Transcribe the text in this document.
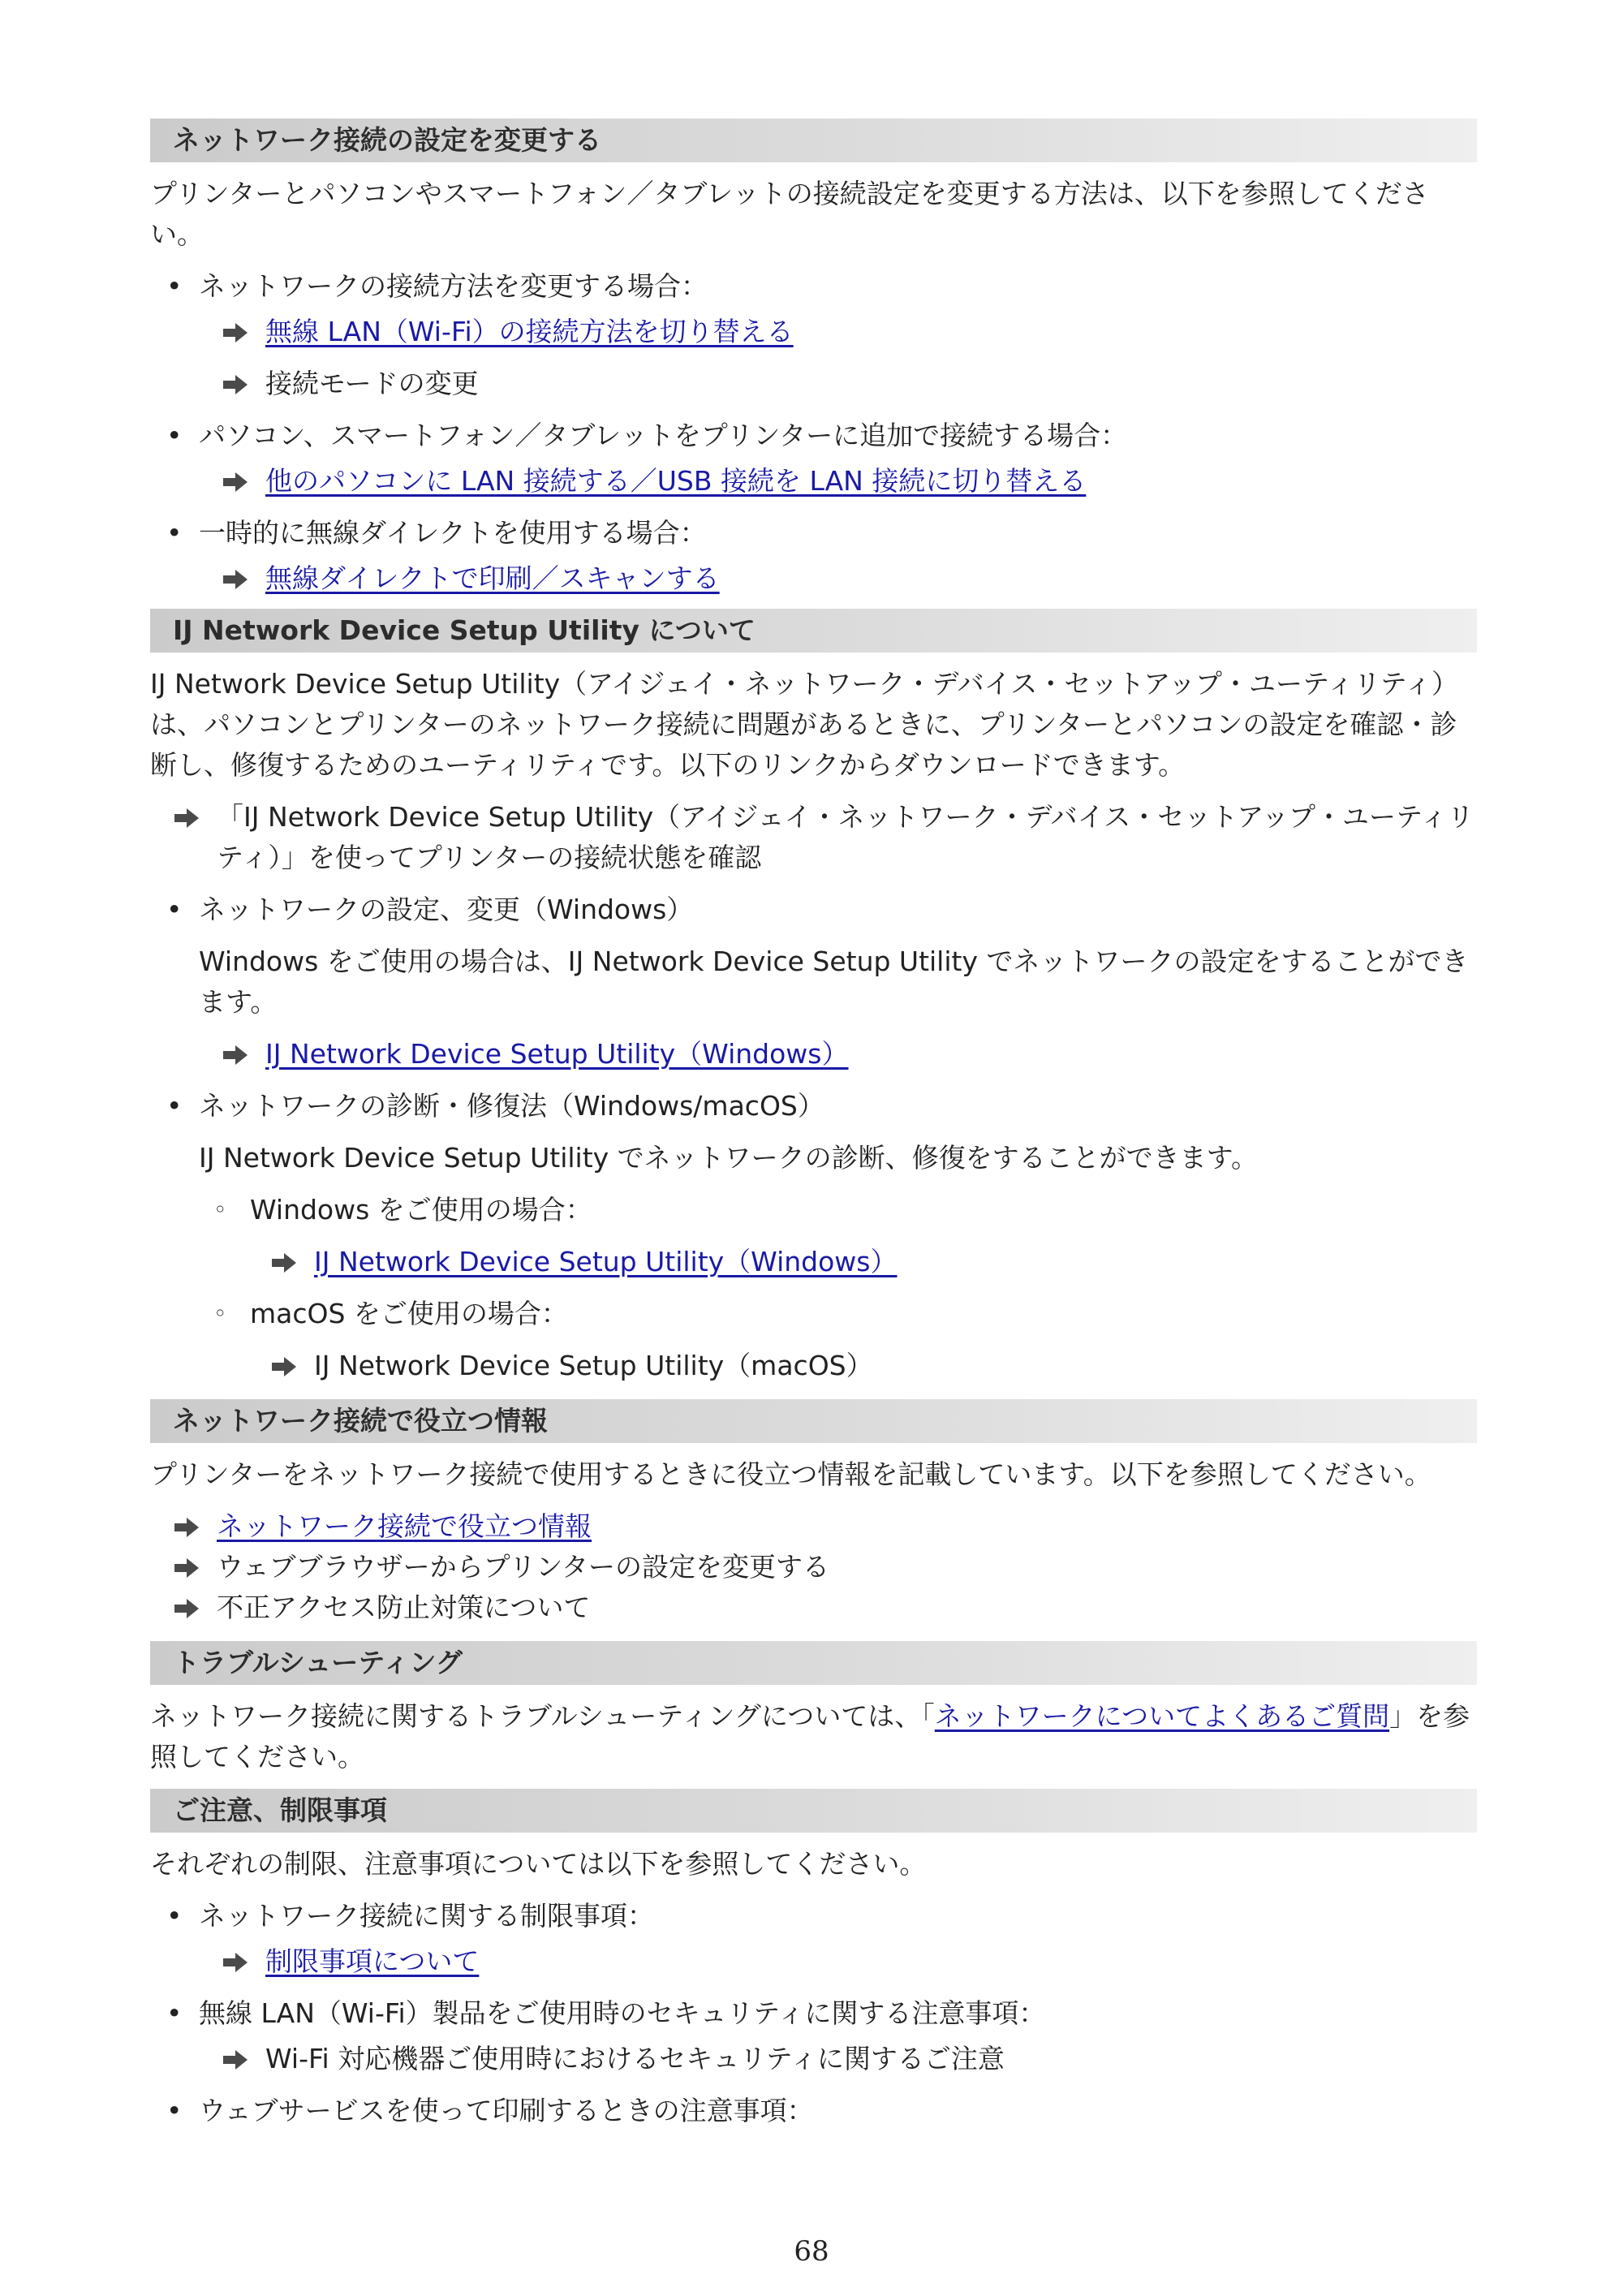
ネットワーク接続の設定を変更する
プリンターとパソコンやスマートフォン／タブレットの接続設定を変更する方法は、以下を参照してください。
• ネットワークの接続方法を変更する場合：
無線 LAN（Wi-Fi）の接続方法を切り替える
接続モードの変更
• パソコン、スマートフォン／タブレットをプリンターに追加で接続する場合：
他のパソコンに LAN 接続する／USB 接続を LAN 接続に切り替える
• 一時的に無線ダイレクトを使用する場合：
無線ダイレクトで印刷／スキャンする
IJ Network Device Setup Utility について
IJ Network Device Setup Utility（アイジェイ・ネットワーク・デバイス・セットアップ・ユーティリティ）は、パソコンとプリンターのネットワーク接続に問題があるときに、プリンターとパソコンの設定を確認・診断し、修復するためのユーティリティです。以下のリンクからダウンロードできます。
「IJ Network Device Setup Utility（アイジェイ・ネットワーク・デバイス・セットアップ・ユーティリティ）」を使ってプリンターの接続状態を確認
• ネットワークの設定、変更（Windows）
Windows をご使用の場合は、IJ Network Device Setup Utility でネットワークの設定をすることができます。
IJ Network Device Setup Utility（Windows）
• ネットワークの診断・修復法（Windows/macOS）
IJ Network Device Setup Utility でネットワークの診断、修復をすることができます。
◦ Windows をご使用の場合：
IJ Network Device Setup Utility（Windows）
◦ macOS をご使用の場合：
IJ Network Device Setup Utility（macOS）
ネットワーク接続で役立つ情報
プリンターをネットワーク接続で使用するときに役立つ情報を記載しています。以下を参照してください。
ネットワーク接続で役立つ情報
ウェブブラウザーからプリンターの設定を変更する
不正アクセス防止対策について
トラブルシューティング
ネットワーク接続に関するトラブルシューティングについては、「ネットワークについてよくあるご質問」を参照してください。
ご注意、制限事項
それぞれの制限、注意事項については以下を参照してください。
• ネットワーク接続に関する制限事項：
制限事項について
• 無線 LAN（Wi-Fi）製品をご使用時のセキュリティに関する注意事項：
Wi-Fi 対応機器ご使用時におけるセキュリティに関するご注意
• ウェブサービスを使って印刷するときの注意事項：
68
